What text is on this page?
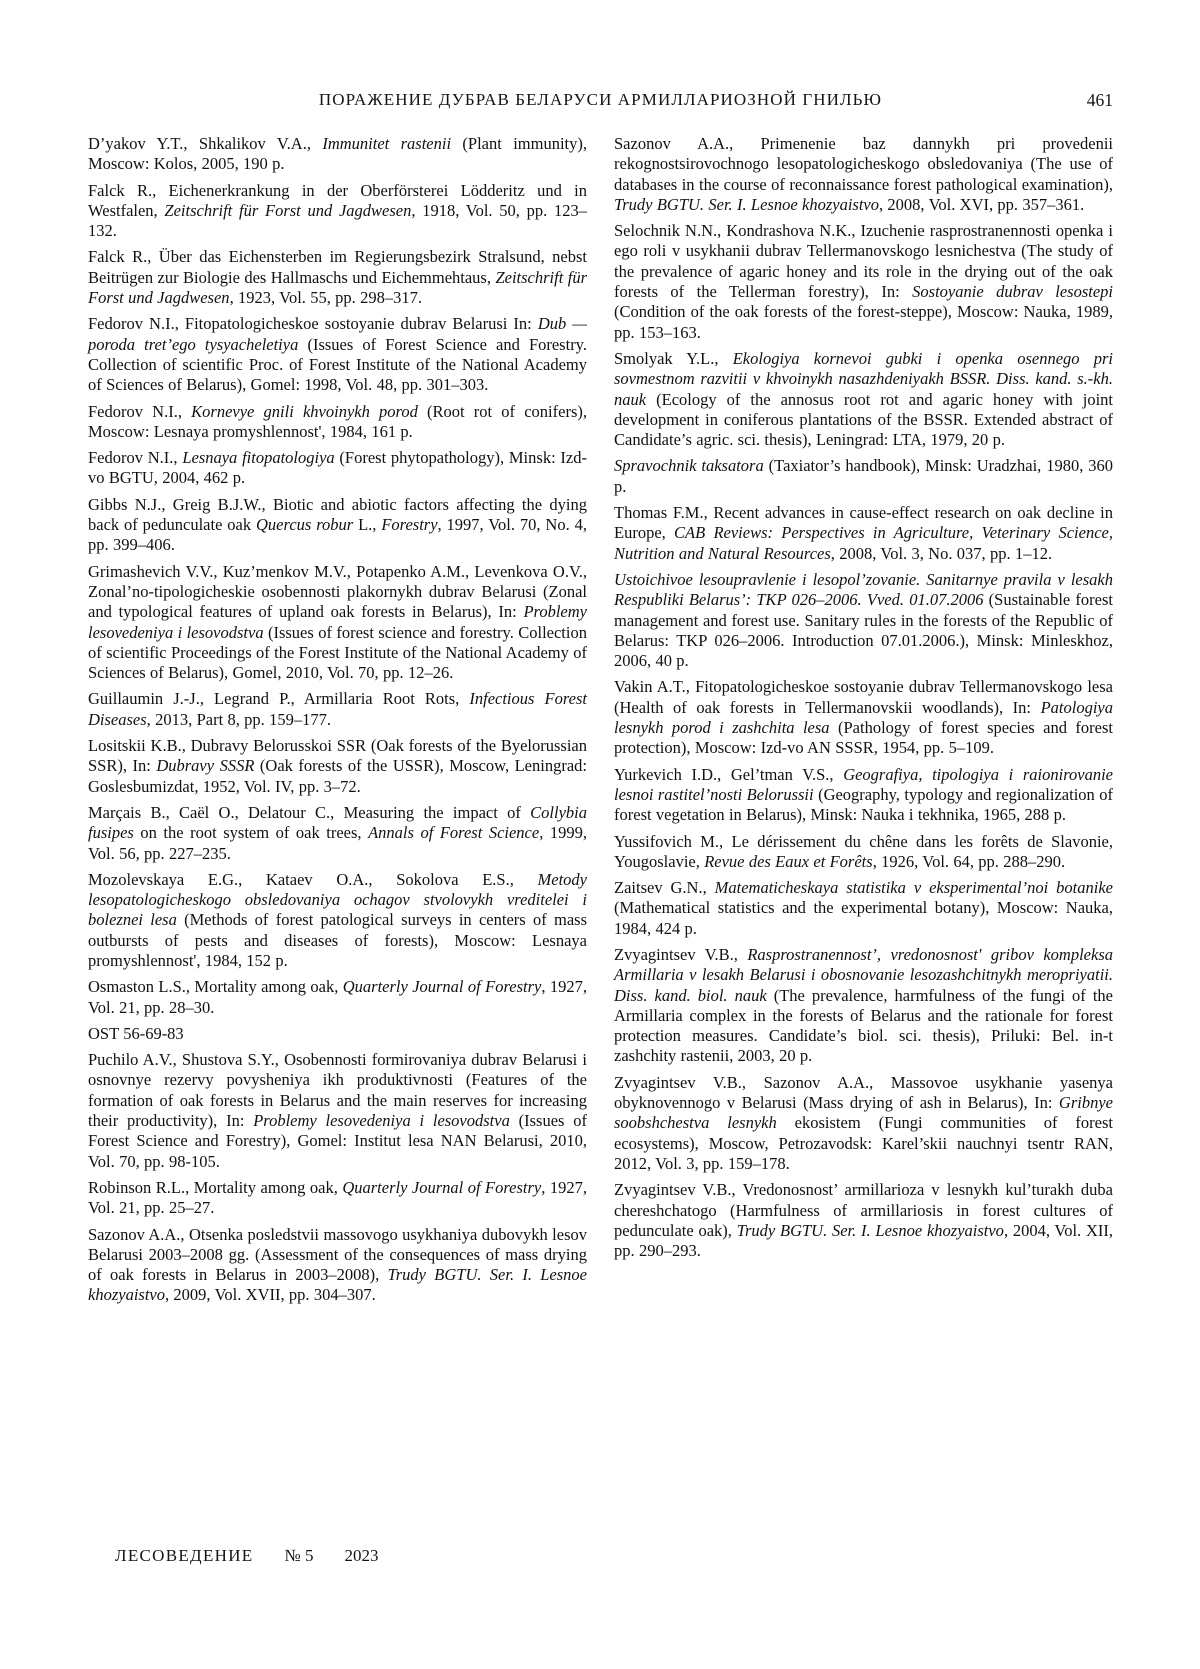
ПОРАЖЕНИЕ ДУБРАВ БЕЛАРУСИ АРМИЛЛАРИОЗНОЙ ГНИЛЬЮ	461

D’yakov Y.T., Shkalikov V.A., Immunitet rastenii (Plant immunity), Moscow: Kolos, 2005, 190 p.

Falck R., Eichenerkrankung in der Oberförsterei Lödderitz und in Westfalen, Zeitschrift für Forst und Jagdwesen, 1918, Vol. 50, pp. 123–132.

Falck R., Über das Eichensterben im Regierungsbezirk Stralsund, nebst Beitrügen zur Biologie des Hallmaschs und Eichemmehtaus, Zeitschrift für Forst und Jagdwesen, 1923, Vol. 55, pp. 298–317.

Fedorov N.I., Fitopatologicheskoe sostoyanie dubrav Belarusi In: Dub — poroda tret’ego tysyacheletiya (Issues of Forest Science and Forestry. Collection of scientific Proc. of Forest Institute of the National Academy of Sciences of Belarus), Gomel: 1998, Vol. 48, pp. 301–303.

Fedorov N.I., Kornevye gnili khvoinykh porod (Root rot of conifers), Moscow: Lesnaya promyshlennost', 1984, 161 p.

Fedorov N.I., Lesnaya fitopatologiya (Forest phytopathology), Minsk: Izd-vo BGTU, 2004, 462 p.

Gibbs N.J., Greig B.J.W., Biotic and abiotic factors affecting the dying back of pedunculate oak Quercus robur L., Forestry, 1997, Vol. 70, No. 4, pp. 399–406.

Grimashevich V.V., Kuz’menkov M.V., Potapenko A.M., Levenkova O.V., Zonal’no-tipologicheskie osobennosti plakornykh dubrav Belarusi (Zonal and typological features of upland oak forests in Belarus), In: Problemy lesovedeniya i lesovodstva (Issues of forest science and forestry. Collection of scientific Proceedings of the Forest Institute of the National Academy of Sciences of Belarus), Gomel, 2010, Vol. 70, pp. 12–26.

Guillaumin J.-J., Legrand P., Armillaria Root Rots, Infectious Forest Diseases, 2013, Part 8, pp. 159–177.

Lositskii K.B., Dubravy Belorusskoi SSR (Oak forests of the Byelorussian SSR), In: Dubravy SSSR (Oak forests of the USSR), Moscow, Leningrad: Goslesbumizdat, 1952, Vol. IV, pp. 3–72.

Marçais B., Caël O., Delatour C., Measuring the impact of Collybia fusipes on the root system of oak trees, Annals of Forest Science, 1999, Vol. 56, pp. 227–235.

Mozolevskaya E.G., Kataev O.A., Sokolova E.S., Metody lesopatologicheskogo obsledovaniya ochagov stvolovykh vreditelei i boleznei lesa (Methods of forest patological surveys in centers of mass outbursts of pests and diseases of forests), Moscow: Lesnaya promyshlennost', 1984, 152 p.

Osmaston L.S., Mortality among oak, Quarterly Journal of Forestry, 1927, Vol. 21, pp. 28–30.

OST 56-69-83

Puchilo A.V., Shustova S.Y., Osobennosti formirovaniya dubrav Belarusi i osnovnye rezervy povysheniya ikh produktivnosti (Features of the formation of oak forests in Belarus and the main reserves for increasing their productivity), In: Problemy lesovedeniya i lesovodstva (Issues of Forest Science and Forestry), Gomel: Institut lesa NAN Belarusi, 2010, Vol. 70, pp. 98-105.

Robinson R.L., Mortality among oak, Quarterly Journal of Forestry, 1927, Vol. 21, pp. 25–27.

Sazonov A.A., Otsenka posledstvii massovogo usykhaniya dubovykh lesov Belarusi 2003–2008 gg. (Assessment of the consequences of mass drying of oak forests in Belarus in 2003–2008), Trudy BGTU. Ser. I. Lesnoe khozyaistvo, 2009, Vol. XVII, pp. 304–307.

Sazonov A.A., Primenenie baz dannykh pri provedenii rekognostsirovochnogo lesopatologicheskogo obsledovaniya (The use of databases in the course of reconnaissance forest pathological examination), Trudy BGTU. Ser. I. Lesnoe khozyaistvo, 2008, Vol. XVI, pp. 357–361.

Selochnik N.N., Kondrashova N.K., Izuchenie rasprostranennosti openka i ego roli v usykhanii dubrav Tellermanovskogo lesnichestva (The study of the prevalence of agaric honey and its role in the drying out of the oak forests of the Tellerman forestry), In: Sostoyanie dubrav lesostepi (Condition of the oak forests of the forest-steppe), Moscow: Nauka, 1989, pp. 153–163.

Smolyak Y.L., Ekologiya kornevoi gubki i openka osennego pri sovmestnom razvitii v khvoinykh nasazhdeniyakh BSSR. Diss. kand. s.-kh. nauk (Ecology of the annosus root rot and agaric honey with joint development in coniferous plantations of the BSSR. Extended abstract of Candidate’s agric. sci. thesis), Leningrad: LTA, 1979, 20 p.

Spravochnik taksatora (Taxiator’s handbook), Minsk: Uradzhai, 1980, 360 p.

Thomas F.M., Recent advances in cause-effect research on oak decline in Europe, CAB Reviews: Perspectives in Agriculture, Veterinary Science, Nutrition and Natural Resources, 2008, Vol. 3, No. 037, pp. 1–12.

Ustoichivoe lesoupravlenie i lesopol’zovanie. Sanitarnye pravila v lesakh Respubliki Belarus’: TKP 026–2006. Vved. 01.07.2006 (Sustainable forest management and forest use. Sanitary rules in the forests of the Republic of Belarus: TKP 026–2006. Introduction 07.01.2006.), Minsk: Minleskhoz, 2006, 40 p.

Vakin A.T., Fitopatologicheskoe sostoyanie dubrav Tellermanovskogo lesa (Health of oak forests in Tellermanovskii woodlands), In: Patologiya lesnykh porod i zashchita lesa (Pathology of forest species and forest protection), Moscow: Izd-vo AN SSSR, 1954, pp. 5–109.

Yurkevich I.D., Gel’tman V.S., Geografiya, tipologiya i raionirovanie lesnoi rastitel’nosti Belorussii (Geography, typology and regionalization of forest vegetation in Belarus), Minsk: Nauka i tekhnika, 1965, 288 p.

Yussifovich M., Le dérissement du chêne dans les forêts de Slavonie, Yougoslavie, Revue des Eaux et Forêts, 1926, Vol. 64, pp. 288–290.

Zaitsev G.N., Matematicheskaya statistika v eksperimental’noi botanike (Mathematical statistics and the experimental botany), Moscow: Nauka, 1984, 424 p.

Zvyagintsev V.B., Rasprostranennost’, vredonosnost' gribov kompleksa Armillaria v lesakh Belarusi i obosnovanie lesozashchitnykh meropriyatii. Diss. kand. biol. nauk (The prevalence, harmfulness of the fungi of the Armillaria complex in the forests of Belarus and the rationale for forest protection measures. Candidate’s biol. sci. thesis), Priluki: Bel. in-t zashchity rastenii, 2003, 20 p.

Zvyagintsev V.B., Sazonov A.A., Massovoe usykhanie yasenya obyknovennogo v Belarusi (Mass drying of ash in Belarus), In: Gribnye soobshchestva lesnykh ekosistem (Fungi communities of forest ecosystems), Moscow, Petrozavodsk: Karel’skii nauchnyi tsentr RAN, 2012, Vol. 3, pp. 159–178.

Zvyagintsev V.B., Vredonosnost’ armillarioza v lesnykh kul’turakh duba chereshchatogo (Harmfulness of armillariosis in forest cultures of pedunculate oak), Trudy BGTU. Ser. I. Lesnoe khozyaistvo, 2004, Vol. XII, pp. 290–293.

ЛЕСОВЕДЕНИЕ № 5 2023
